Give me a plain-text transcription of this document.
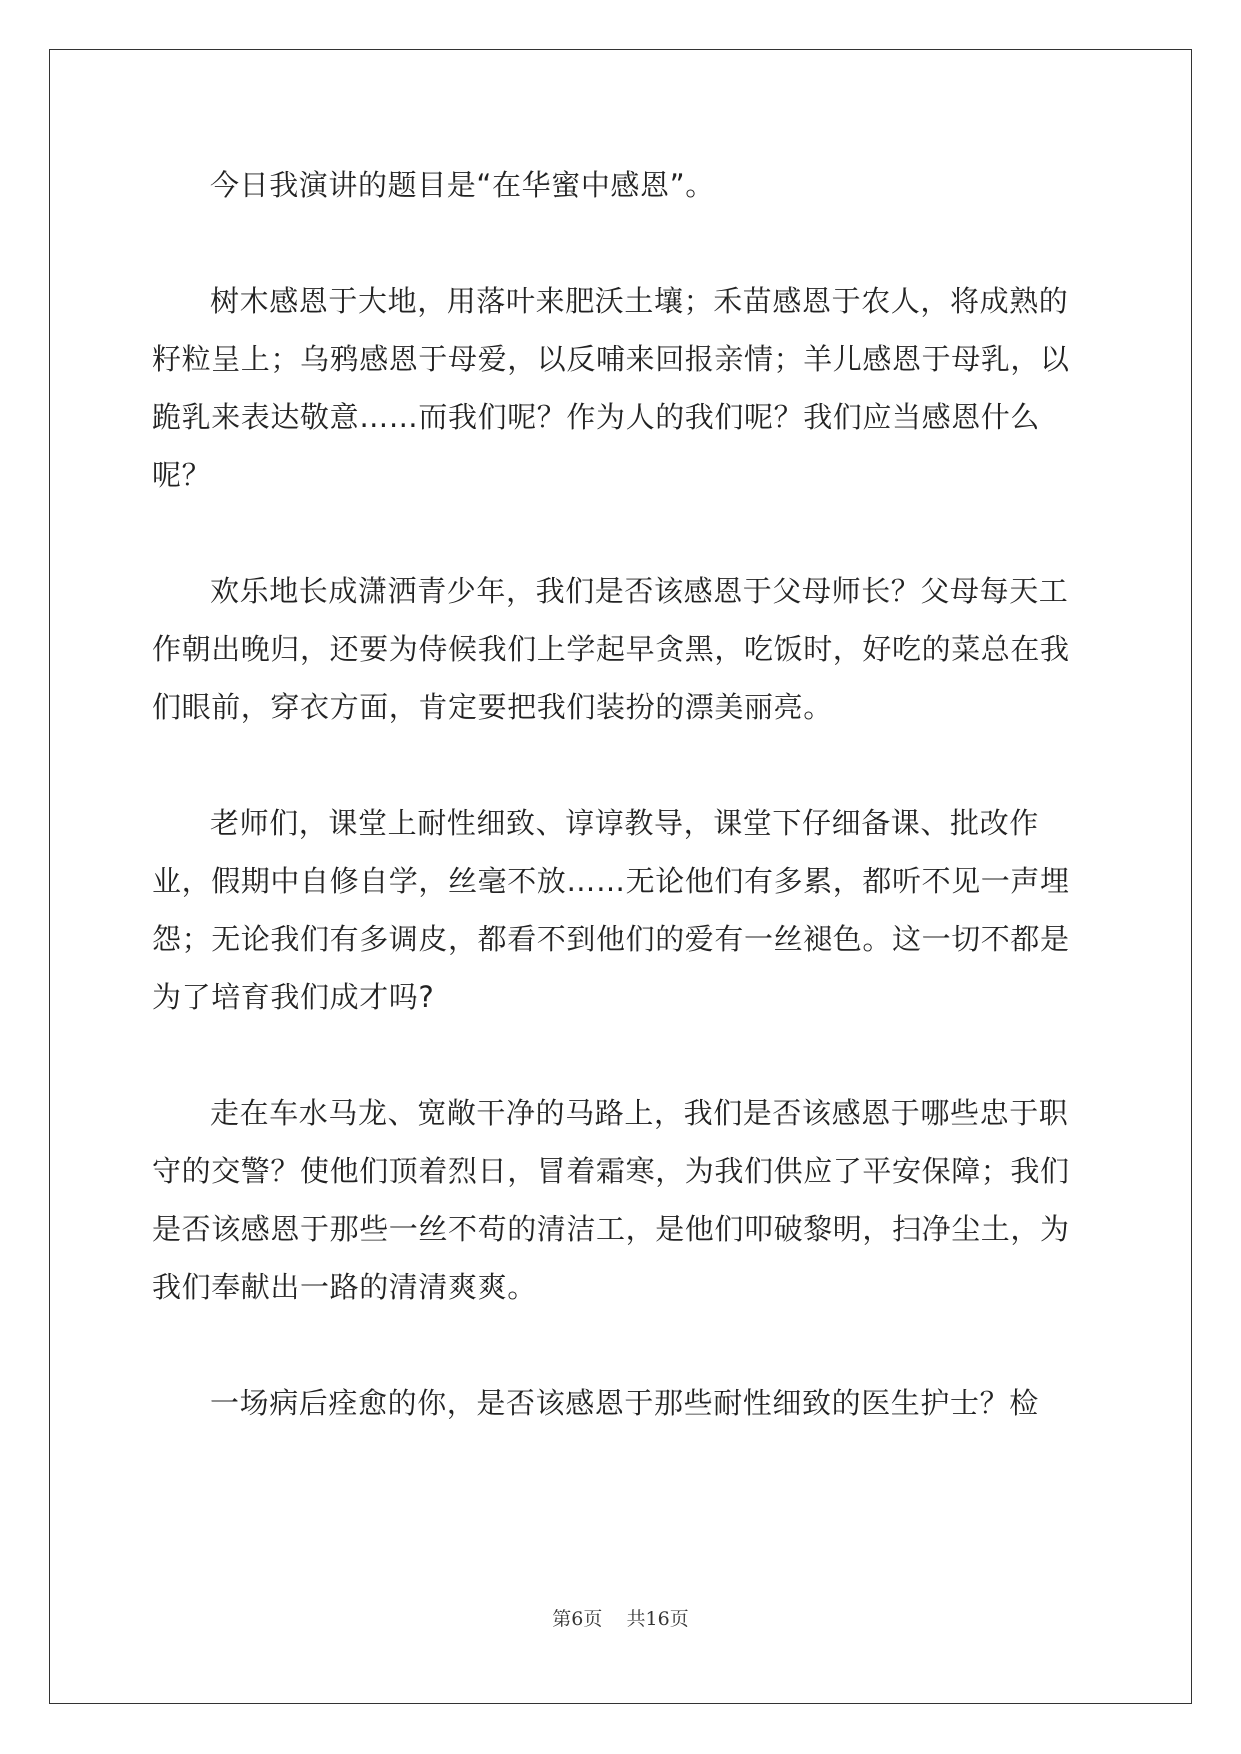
今日我演讲的题目是“在华蜜中感恩”。

树木感恩于大地，用落叶来肥沃土壤；禾苗感恩于农人，将成熟的籽粒呈上；乌鸦感恩于母爱，以反哺来回报亲情；羊儿感恩于母乳，以跪乳来表达敬意……而我们呢？作为人的我们呢？我们应当感恩什么呢？

欢乐地长成潇洒青少年，我们是否该感恩于父母师长？父母每天工作朝出晚归，还要为侍候我们上学起早贪黑，吃饭时，好吃的菜总在我们眼前，穿衣方面，肯定要把我们装扮的漂美丽亮。

老师们，课堂上耐性细致、谆谆教导，课堂下仔细备课、批改作业，假期中自修自学，丝毫不放……无论他们有多累，都听不见一声埋怨；无论我们有多调皮，都看不到他们的爱有一丝褪色。这一切不都是为了培育我们成才吗?

走在车水马龙、宽敞干净的马路上，我们是否该感恩于哪些忠于职守的交警？使他们顶着烈日，冒着霜寒，为我们供应了平安保障；我们是否该感恩于那些一丝不苟的清洁工，是他们叩破黎明，扫净尘土，为我们奉献出一路的清清爽爽。

一场病后痊愈的你，是否该感恩于那些耐性细致的医生护士？检

第6页 共16页
